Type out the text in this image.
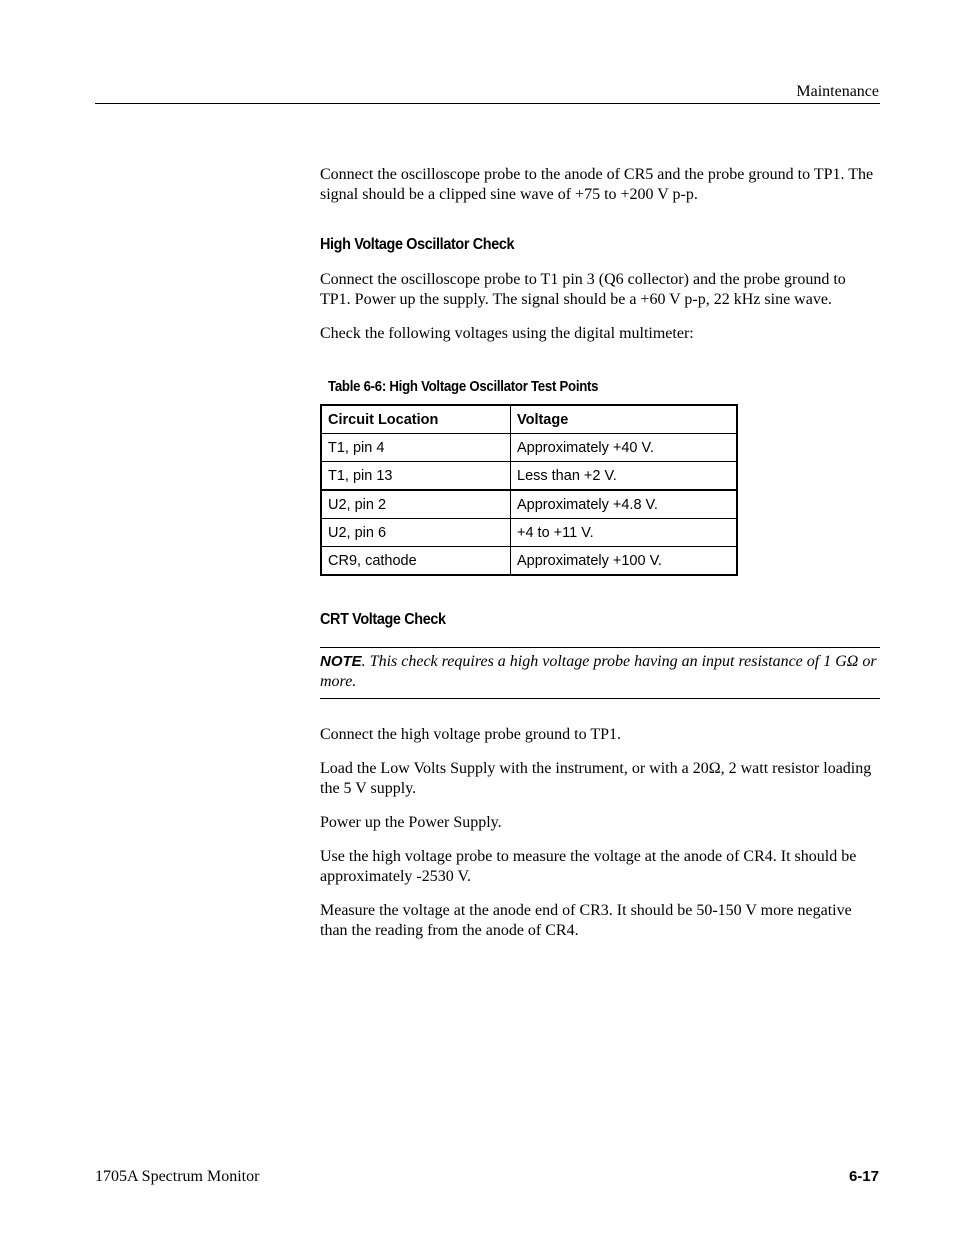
Maintenance

Connect the oscilloscope probe to the anode of CR5 and the probe ground to TP1. The signal should be a clipped sine wave of +75 to +200 V p-p.

High Voltage Oscillator Check

Connect the oscilloscope probe to T1 pin 3 (Q6 collector) and the probe ground to TP1. Power up the supply. The signal should be a +60 V p-p, 22 kHz sine wave.

Check the following voltages using the digital multimeter:

Table 6-6: High Voltage Oscillator Test Points
Circuit Location	Voltage
T1, pin 4	Approximately +40 V.
T1, pin 13	Less than +2 V.
U2, pin 2	Approximately +4.8 V.
U2, pin 6	+4 to +11 V.
CR9, cathode	Approximately +100 V.
CRT Voltage Check
NOTE. This check requires a high voltage probe having an input resistance of 1 GΩ or more.

Connect the high voltage probe ground to TP1.

Load the Low Volts Supply with the instrument, or with a 20Ω, 2 watt resistor loading the 5 V supply.

Power up the Power Supply.

Use the high voltage probe to measure the voltage at the anode of CR4. It should be approximately -2530 V.

Measure the voltage at the anode end of CR3. It should be 50-150 V more negative than the reading from the anode of CR4.

1705A Spectrum Monitor	6-17
